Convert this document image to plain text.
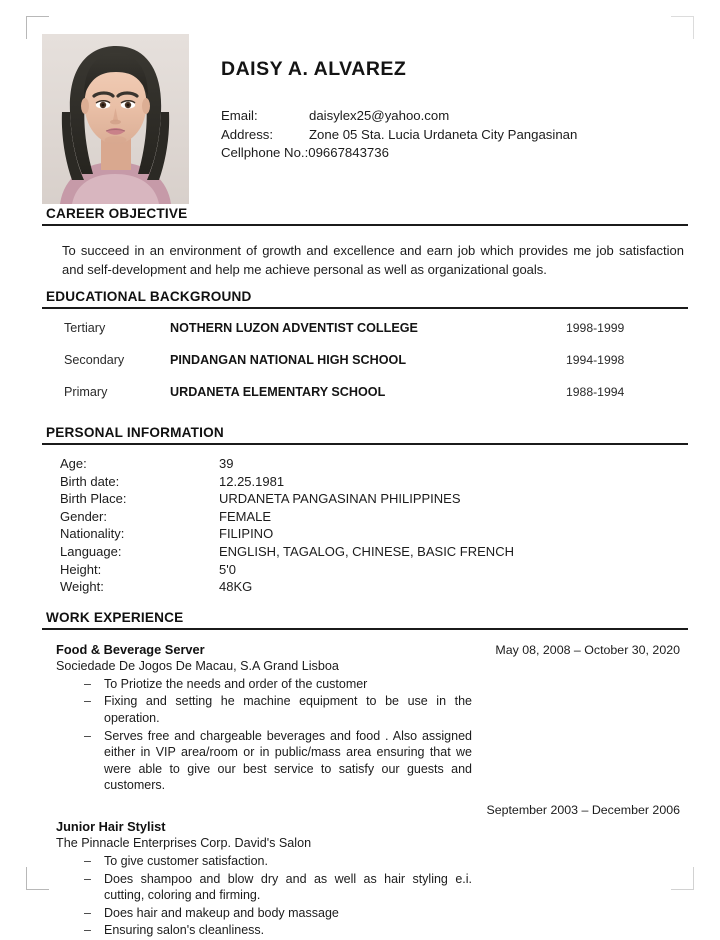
DAISY A. ALVAREZ
Email:	daisylex25@yahoo.com
Address:	Zone 05 Sta. Lucia Urdaneta City Pangasinan
Cellphone No.:09667843736
CAREER OBJECTIVE
To succeed in an environment of growth and excellence and earn job which provides me job satisfaction and self-development and help me achieve personal as well as organizational goals.
EDUCATIONAL BACKGROUND
Tertiary	NOTHERN LUZON ADVENTIST COLLEGE	1998-1999
Secondary	PINDANGAN NATIONAL HIGH SCHOOL	1994-1998
Primary	URDANETA ELEMENTARY SCHOOL	1988-1994
PERSONAL INFORMATION
Age:	39
Birth date:	12.25.1981
Birth Place:	URDANETA PANGASINAN PHILIPPINES
Gender:	FEMALE
Nationality:	FILIPINO
Language:	ENGLISH, TAGALOG, CHINESE, BASIC FRENCH
Height:	5'0
Weight:	48KG
WORK EXPERIENCE
Food & Beverage Server	May 08, 2008 – October 30, 2020
Sociedade De Jogos De Macau, S.A Grand Lisboa
– To Priotize the needs and order of the customer
– Fixing and setting he machine equipment to be use in the operation.
– Serves free and chargeable beverages and food . Also assigned either in VIP area/room or in public/mass area ensuring that we were able to give our best service to satisfy our guests and customers.
September 2003 – December 2006
Junior Hair Stylist
The Pinnacle Enterprises Corp. David's Salon
– To give customer satisfaction.
– Does shampoo and blow dry and as well as hair styling e.i. cutting, coloring and firming.
– Does hair and makeup and body massage
– Ensuring salon's cleanliness.
